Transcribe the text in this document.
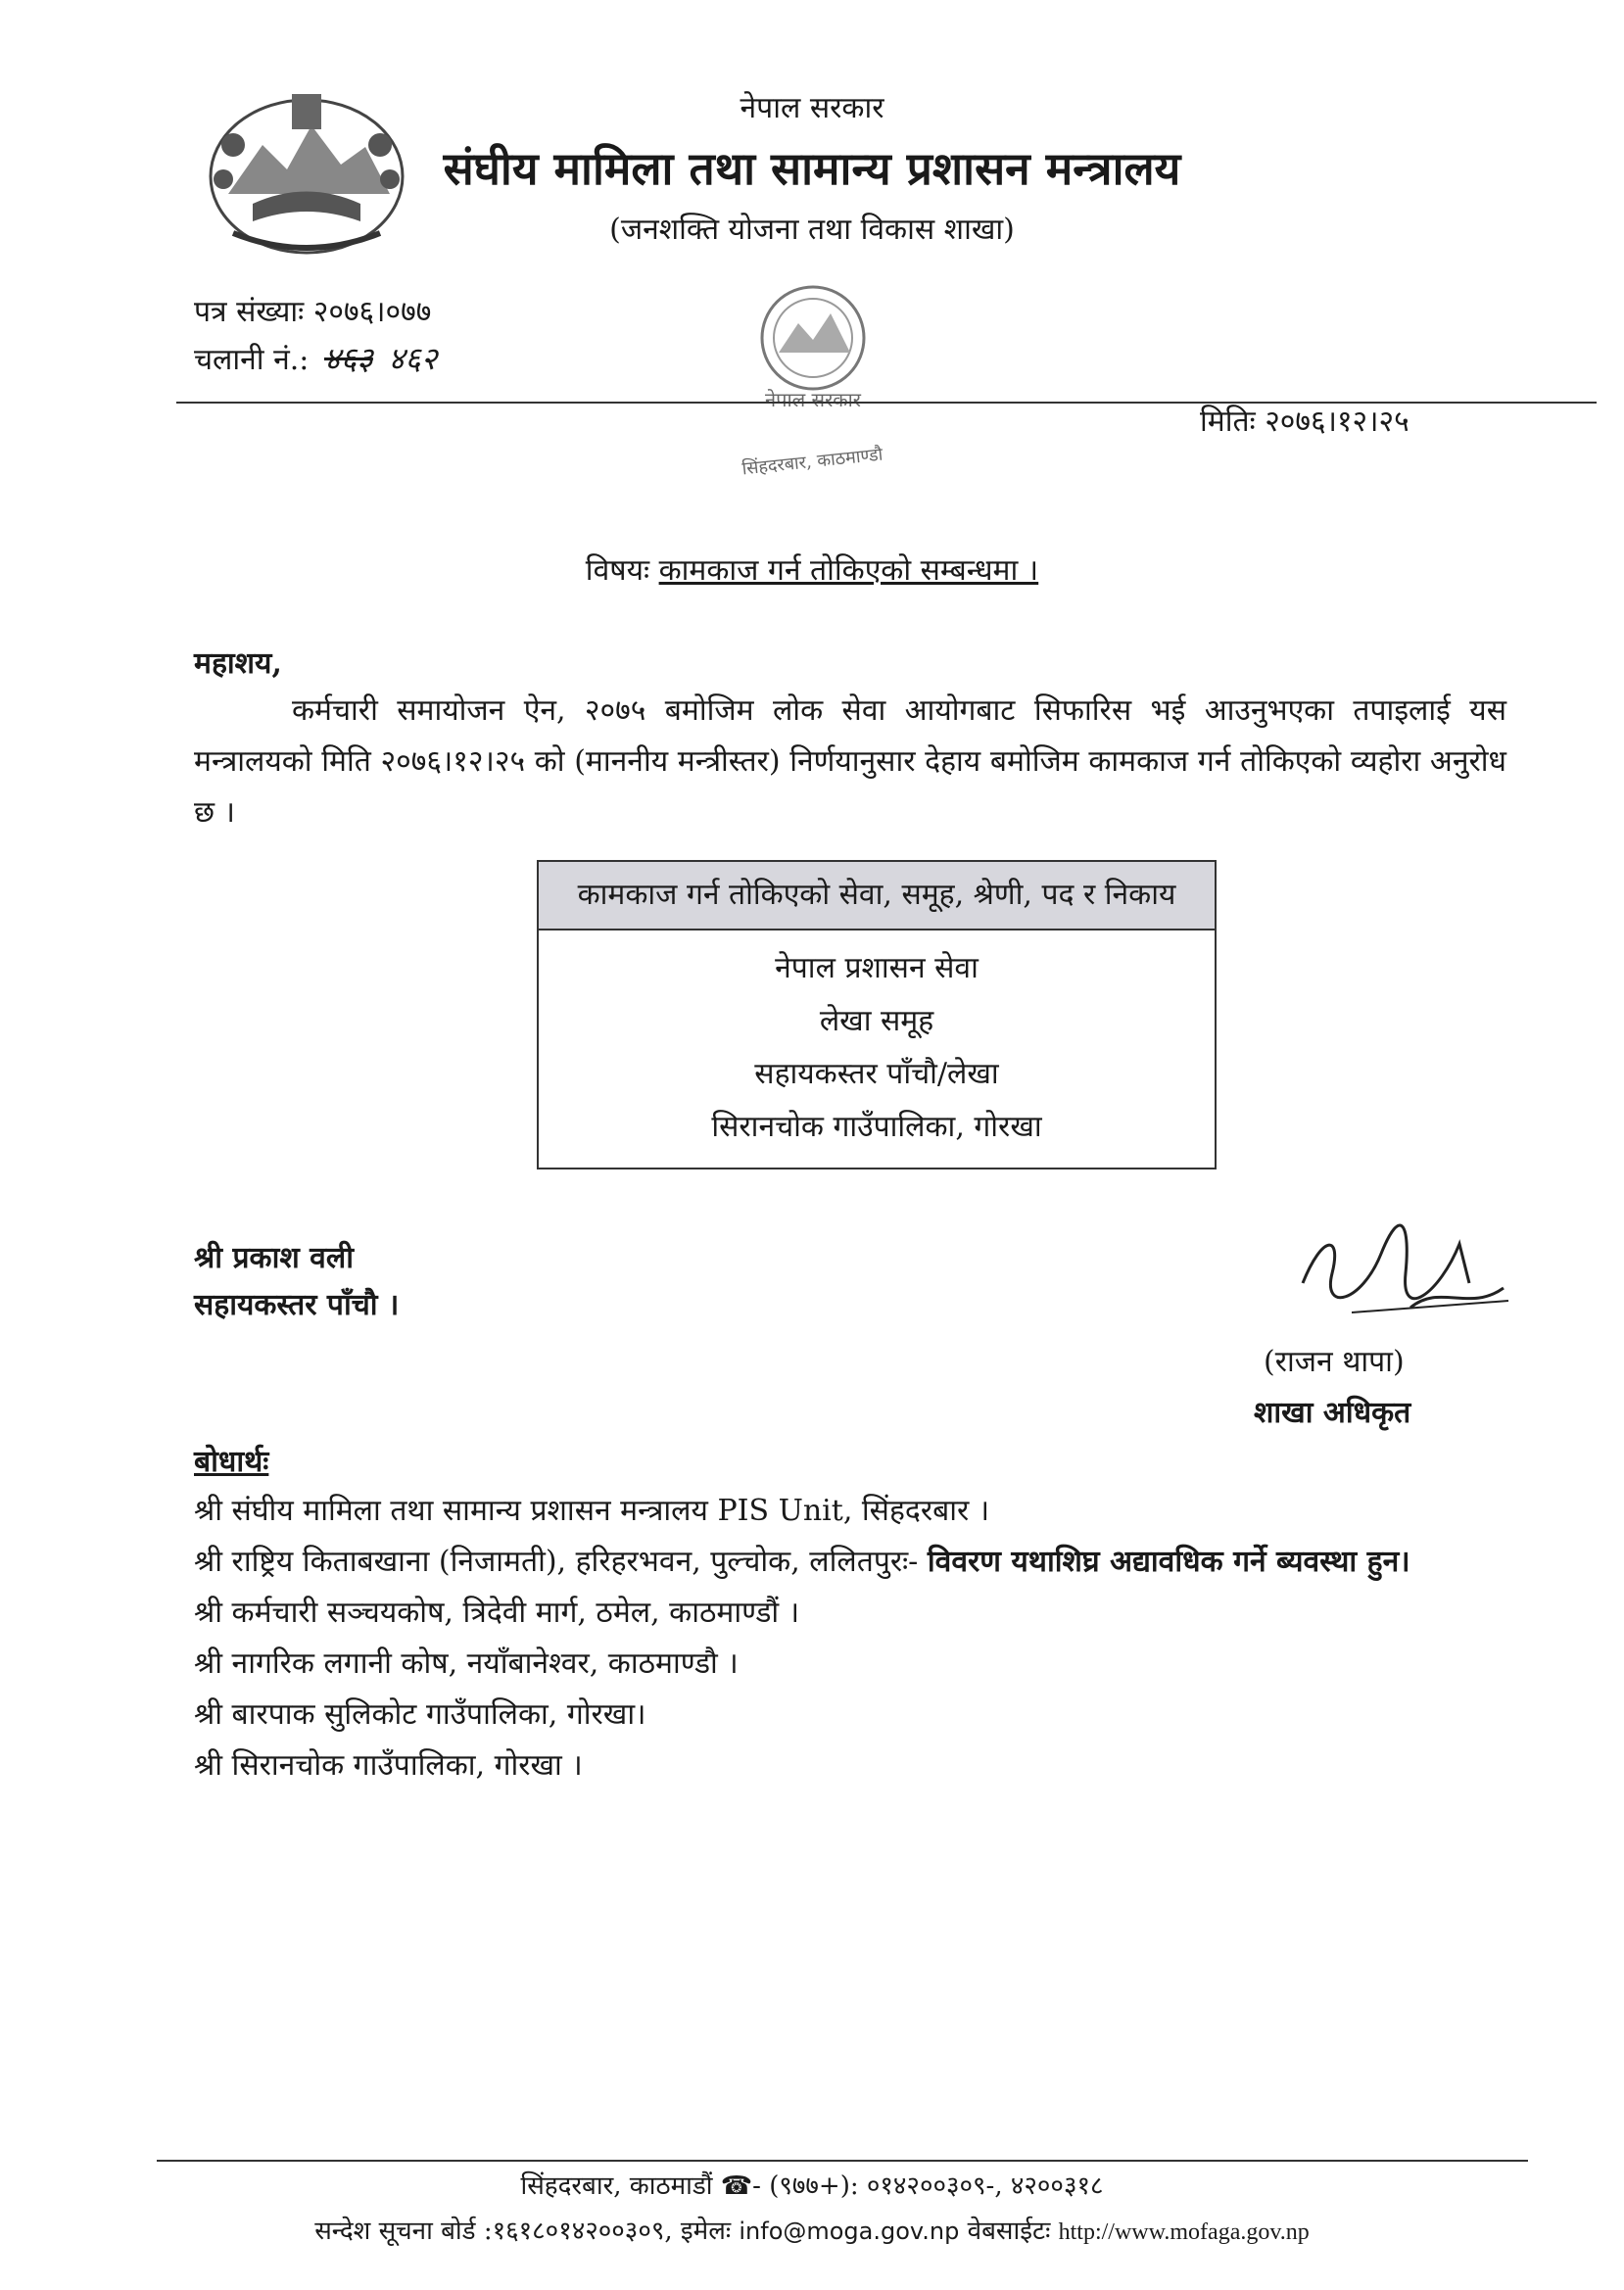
नेपाल सरकार
संघीय मामिला तथा सामान्य प्रशासन मन्त्रालय
(जनशक्ति योजना तथा विकास शाखा)
पत्र संख्याः २०७६।०७७
चलानी नं.: ४६३ ४६२
नेपाल सरकार
सिंहदरबार, काठमाण्डौ
मितिः २०७६।१२।२५
विषयः कामकाज गर्न तोकिएको सम्बन्धमा ।
महाशय,
कर्मचारी समायोजन ऐन, २०७५ बमोजिम लोक सेवा आयोगबाट सिफारिस भई आउनुभएका तपाइलाई यस मन्त्रालयको मिति २०७६।१२।२५ को (माननीय मन्त्रीस्तर) निर्णयानुसार देहाय बमोजिम कामकाज गर्न तोकिएको व्यहोरा अनुरोध छ ।
कामकाज गर्न तोकिएको सेवा, समूह, श्रेणी, पद र निकाय
नेपाल प्रशासन सेवा
लेखा समूह
सहायकस्तर पाँचौ/लेखा
सिरानचोक गाउँपालिका, गोरखा
श्री प्रकाश वली
सहायकस्तर पाँचौ ।
(राजन थापा)
शाखा अधिकृत
बोधार्थः
श्री संघीय मामिला तथा सामान्य प्रशासन मन्त्रालय PIS Unit, सिंहदरबार ।
श्री राष्ट्रिय किताबखाना (निजामती), हरिहरभवन, पुल्चोक, ललितपुरः- विवरण यथाशिघ्र अद्यावधिक गर्ने ब्यवस्था हुन।
श्री कर्मचारी सञ्चयकोष, त्रिदेवी मार्ग, ठमेल, काठमाण्डौं ।
श्री नागरिक लगानी कोष, नयाँबानेश्वर, काठमाण्डौ ।
श्री बारपाक सुलिकोट गाउँपालिका, गोरखा।
श्री सिरानचोक गाउँपालिका, गोरखा ।
सिंहदरबार, काठमाडौं ☎- (९७७+): ०१४२००३०९-, ४२००३१८
सन्देश सूचना बोर्ड :१६१८०१४२००३०९, इमेलः info@moga.gov.np वेबसाईटः http://www.mofaga.gov.np
